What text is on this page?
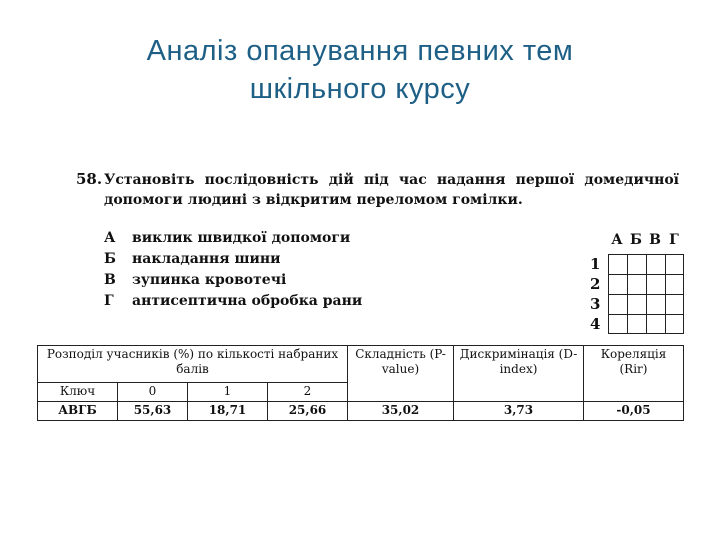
Аналіз опанування певних тем
шкільного курсу
58. Установіть послідовність дій під час надання першої домедичної допомоги людині з відкритим переломом гомілки.
А	виклик швидкої допомоги
Б	накладання шини
В	зупинка кровотечі
Г	антисептична обробка рани
А Б В Г
1
2
3
4
Розподіл учасників (%) по кількості набраних балів				Складність (P-value)	Дискримінація (D-index)	Кореляція (Rir)
Ключ	0	1	2			
АВГБ	55,63	18,71	25,66	35,02	3,73	-0,05
